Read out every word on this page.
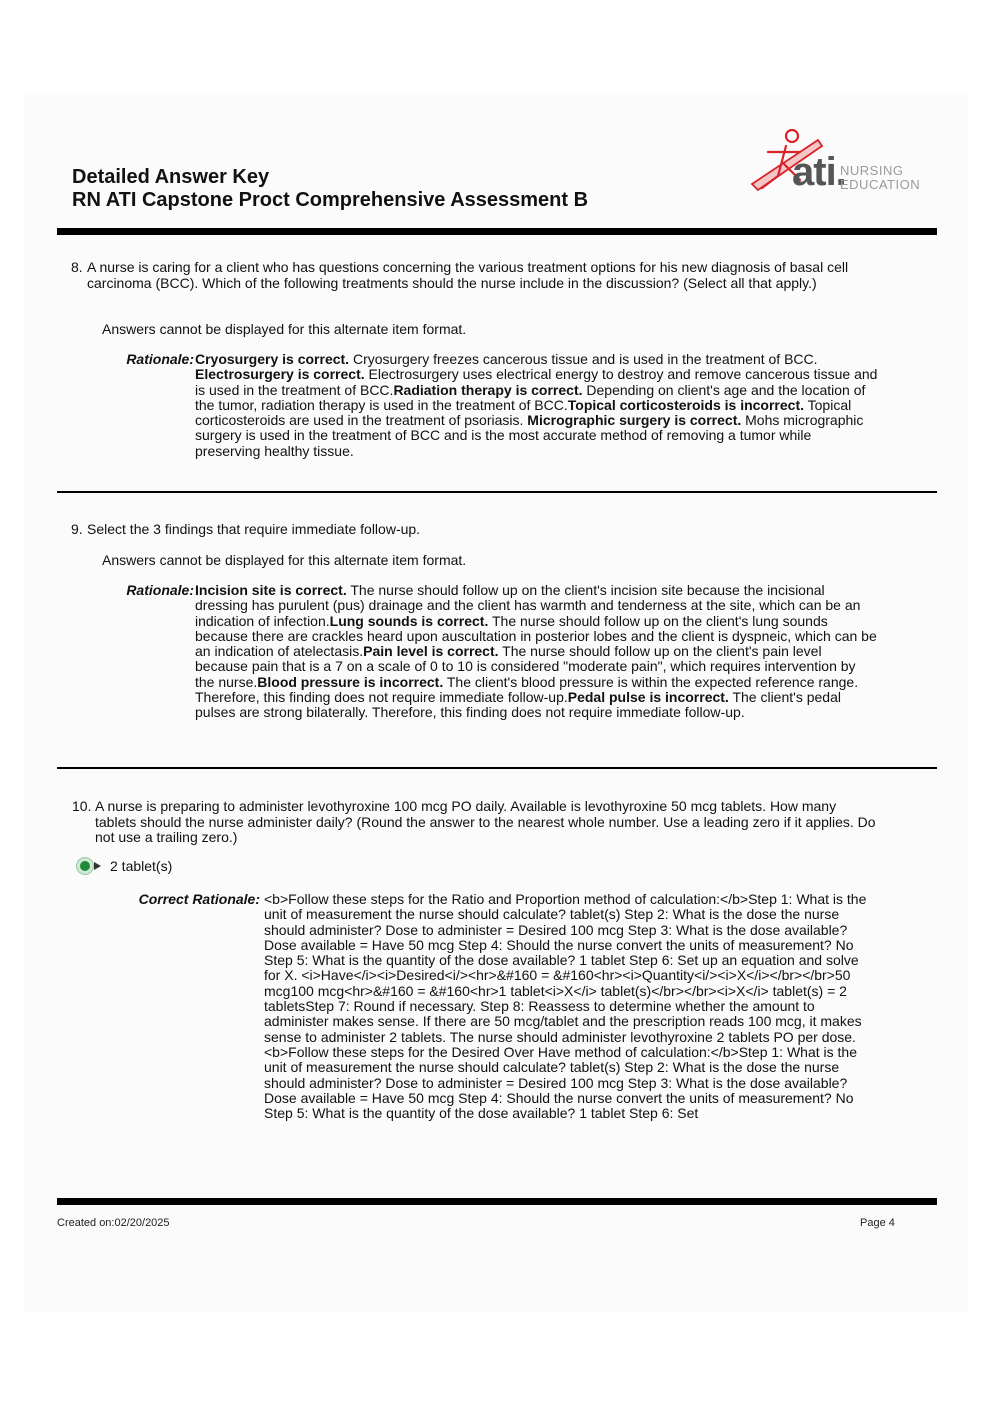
Detailed Answer Key
RN ATI Capstone Proct Comprehensive Assessment B
ati.
NURSING
EDUCATION
8. A nurse is caring for a client who has questions concerning the various treatment options for his new diagnosis of basal cell carcinoma (BCC). Which of the following treatments should the nurse include in the discussion? (Select all that apply.)
Answers cannot be displayed for this alternate item format.
Rationale: Cryosurgery is correct. Cryosurgery freezes cancerous tissue and is used in the treatment of BCC. Electrosurgery is correct. Electrosurgery uses electrical energy to destroy and remove cancerous tissue and is used in the treatment of BCC.Radiation therapy is correct. Depending on client's age and the location of the tumor, radiation therapy is used in the treatment of BCC.Topical corticosteroids is incorrect. Topical corticosteroids are used in the treatment of psoriasis. Micrographic surgery is correct. Mohs micrographic surgery is used in the treatment of BCC and is the most accurate method of removing a tumor while preserving healthy tissue.
9. Select the 3 findings that require immediate follow-up.
Answers cannot be displayed for this alternate item format.
Rationale: Incision site is correct. The nurse should follow up on the client's incision site because the incisional dressing has purulent (pus) drainage and the client has warmth and tenderness at the site, which can be an indication of infection.Lung sounds is correct. The nurse should follow up on the client's lung sounds because there are crackles heard upon auscultation in posterior lobes and the client is dyspneic, which can be an indication of atelectasis.Pain level is correct. The nurse should follow up on the client's pain level because pain that is a 7 on a scale of 0 to 10 is considered "moderate pain", which requires intervention by the nurse.Blood pressure is incorrect. The client's blood pressure is within the expected reference range. Therefore, this finding does not require immediate follow-up.Pedal pulse is incorrect. The client's pedal pulses are strong bilaterally. Therefore, this finding does not require immediate follow-up.
10. A nurse is preparing to administer levothyroxine 100 mcg PO daily. Available is levothyroxine 50 mcg tablets. How many tablets should the nurse administer daily? (Round the answer to the nearest whole number. Use a leading zero if it applies. Do not use a trailing zero.)
2 tablet(s)
Correct Rationale: <b>Follow these steps for the Ratio and Proportion method of calculation:</b>Step 1: What is the unit of measurement the nurse should calculate? tablet(s) Step 2: What is the dose the nurse should administer? Dose to administer = Desired 100 mcg Step 3: What is the dose available? Dose available = Have 50 mcg Step 4: Should the nurse convert the units of measurement? No Step 5: What is the quantity of the dose available? 1 tablet Step 6: Set up an equation and solve for X. <i>Have</i><i>Desired<i/><hr>&#160 = &#160<hr><i>Quantity<i/><i>X</i></br></br>50 mcg100 mcg<hr>&#160 = &#160<hr>1 tablet<i>X</i> tablet(s)</br></br><i>X</i> tablet(s) = 2 tabletsStep 7: Round if necessary. Step 8: Reassess to determine whether the amount to administer makes sense. If there are 50 mcg/tablet and the prescription reads 100 mcg, it makes sense to administer 2 tablets. The nurse should administer levothyroxine 2 tablets PO per dose.<b>Follow these steps for the Desired Over Have method of calculation:</b>Step 1: What is the unit of measurement the nurse should calculate? tablet(s) Step 2: What is the dose the nurse should administer? Dose to administer = Desired 100 mcg Step 3: What is the dose available? Dose available = Have 50 mcg Step 4: Should the nurse convert the units of measurement? No Step 5: What is the quantity of the dose available? 1 tablet Step 6: Set
Created on:02/20/2025	Page 4
